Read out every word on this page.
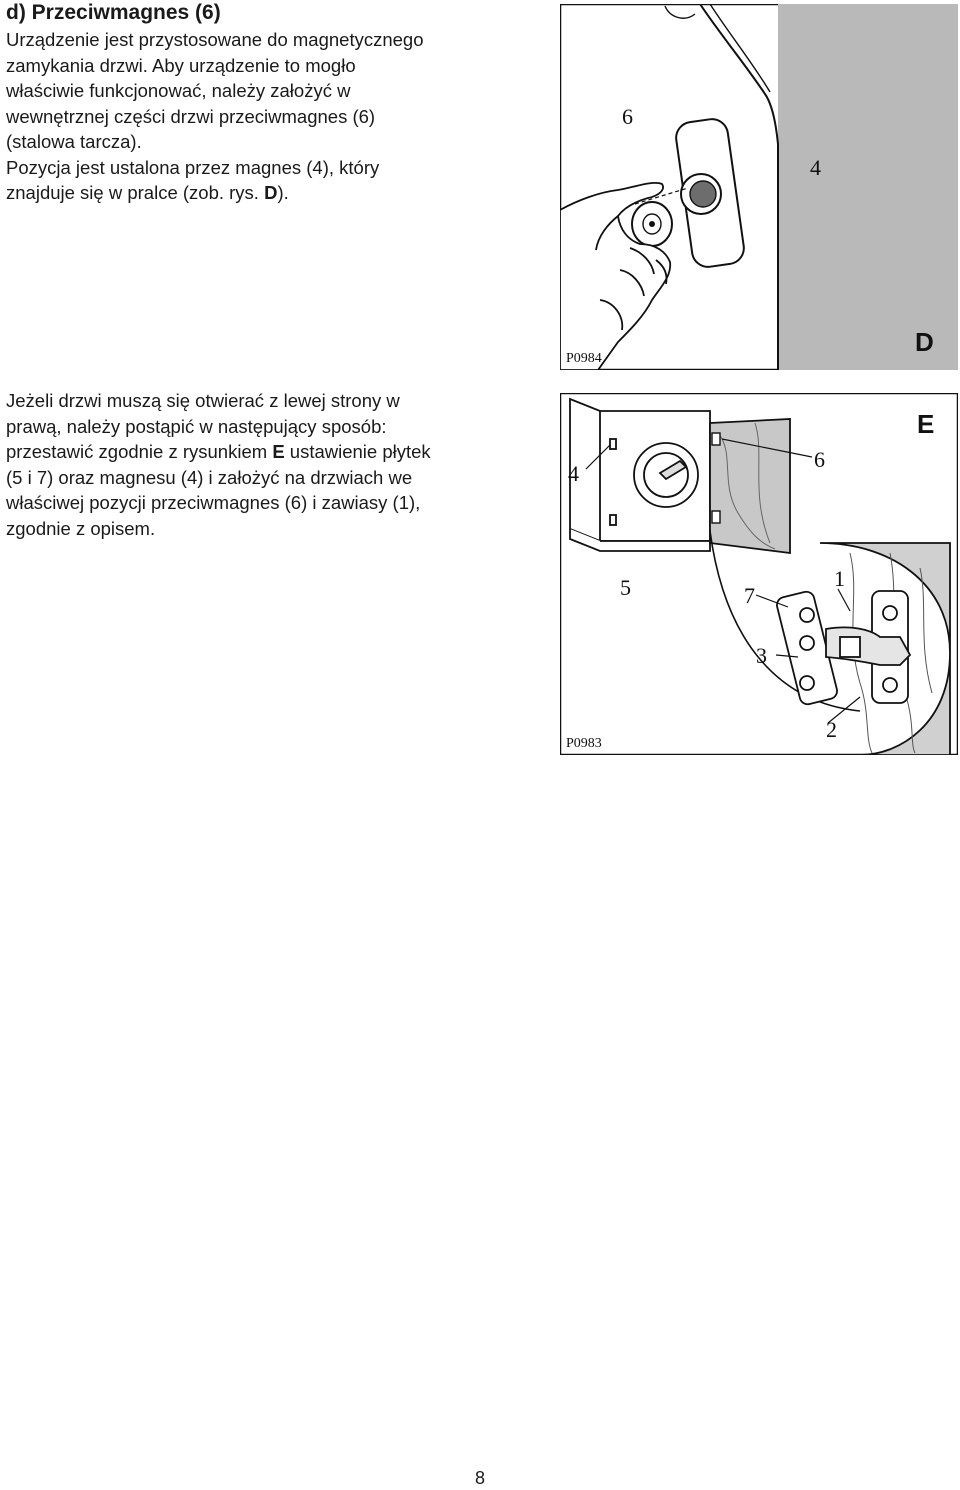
d) Przeciwmagnes (6)

Urządzenie jest przystosowane do magnetycznego
zamykania drzwi. Aby urządzenie to mogło
właściwie funkcjonować, należy założyć w
wewnętrznej części drzwi przeciwmagnes (6)
(stalowa tarcza).
Pozycja jest ustalona przez magnes (4), który
znajduje się w pralce (zob. rys. D).

Jeżeli drzwi muszą się otwierać z lewej strony w
prawą, należy postąpić w następujący sposób:
przestawić zgodnie z rysunkiem E ustawienie płytek
(5 i 7) oraz magnesu (4) i założyć na drzwiach we
właściwej pozycji przeciwmagnes (6) i zawiasy (1),
zgodnie z opisem.

6
4
P0984
D
4
6
5	7
1
3
2
P0983
E
8
